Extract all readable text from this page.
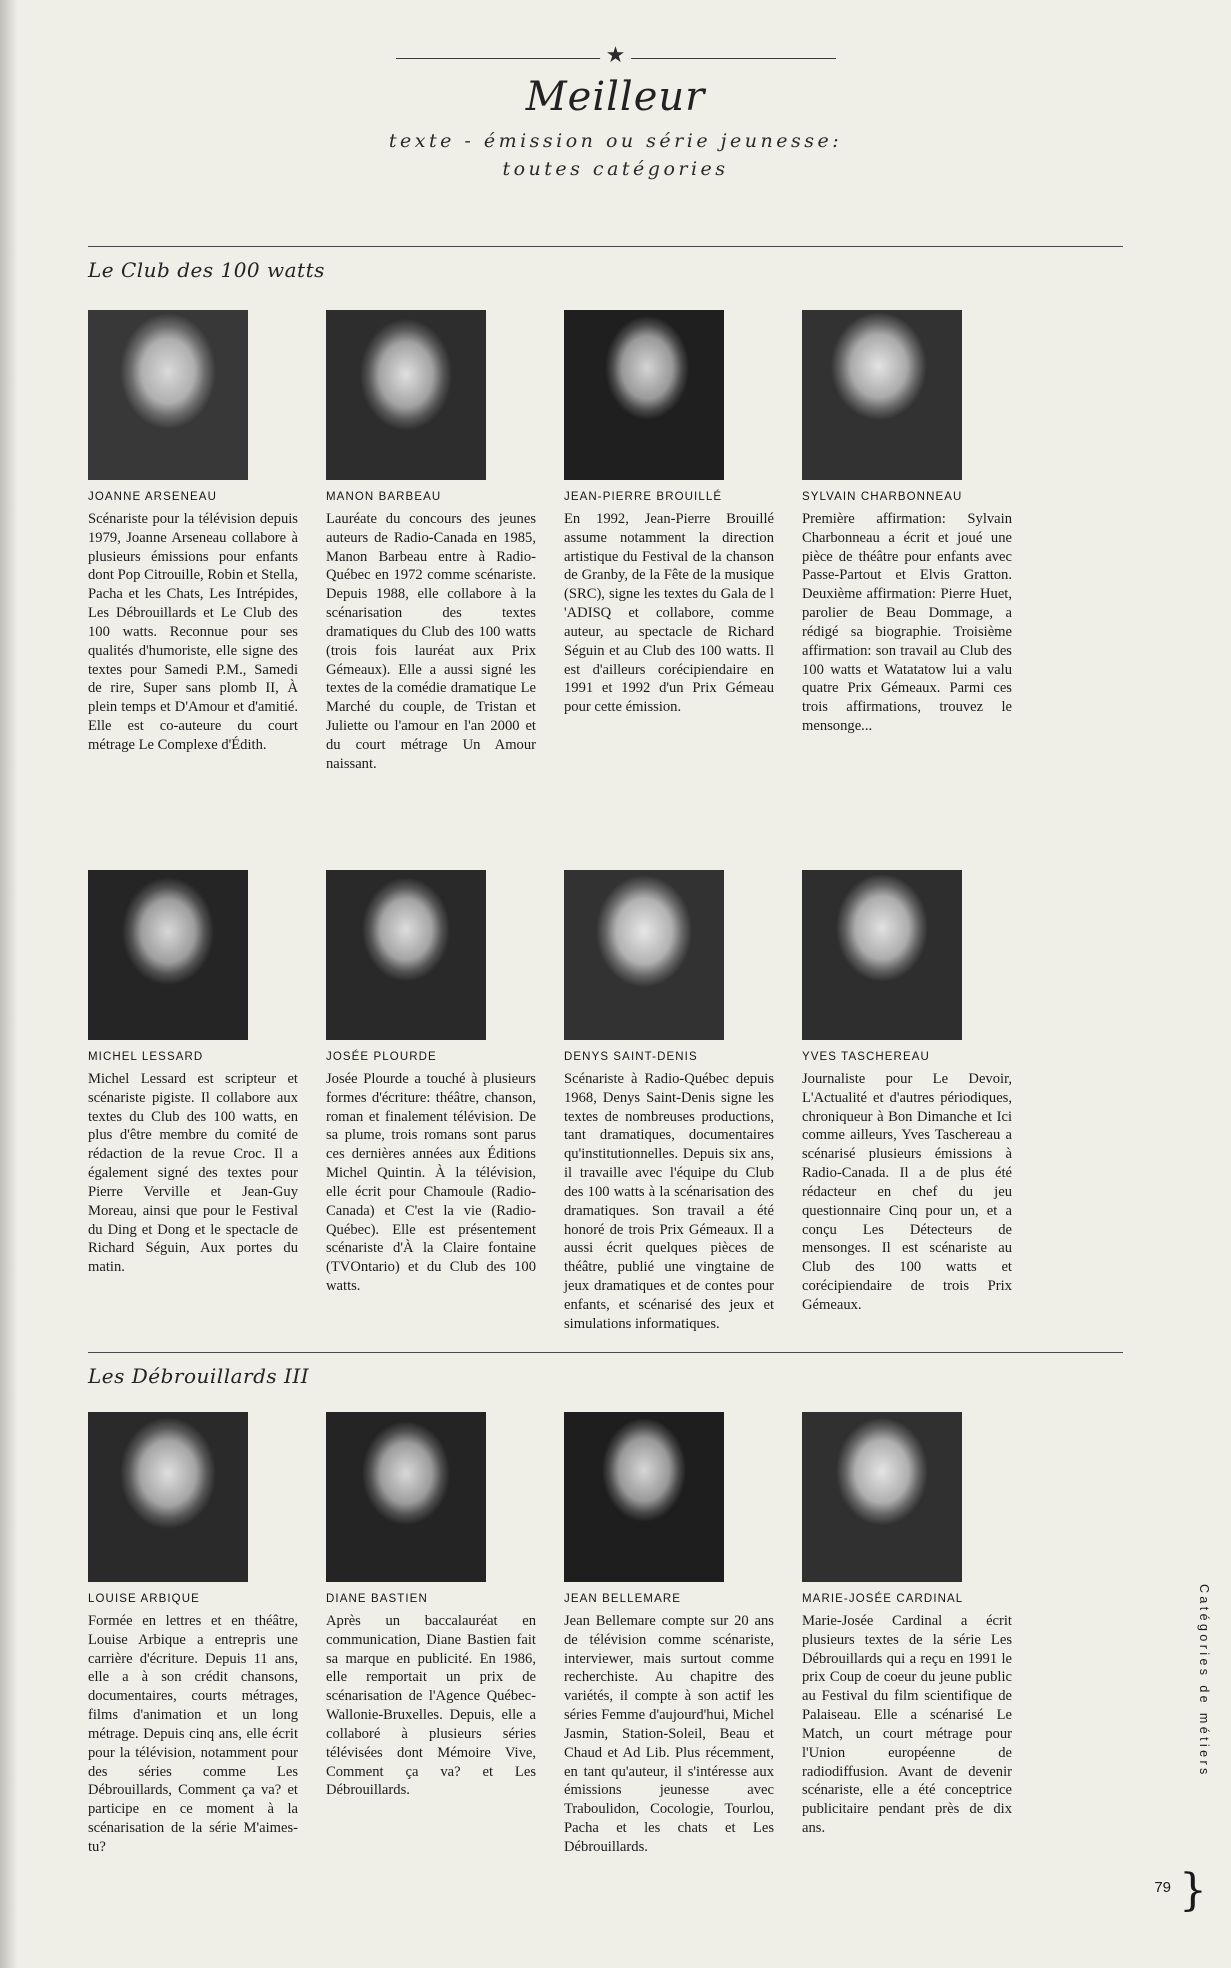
★
Meilleur
texte - émission ou série jeunesse:
toutes catégories
Le Club des 100 watts
JOANNE ARSENEAU
Scénariste pour la télévision depuis 1979, Joanne Arseneau collabore à plusieurs émissions pour enfants dont Pop Citrouille, Robin et Stella, Pacha et les Chats, Les Intrépides, Les Débrouillards et Le Club des 100 watts. Reconnue pour ses qualités d'humoriste, elle signe des textes pour Samedi P.M., Samedi de rire, Super sans plomb II, À plein temps et D'Amour et d'amitié. Elle est co-auteure du court métrage Le Complexe d'Édith.
MANON BARBEAU
Lauréate du concours des jeunes auteurs de Radio-Canada en 1985, Manon Barbeau entre à Radio-Québec en 1972 comme scénariste. Depuis 1988, elle collabore à la scénarisation des textes dramatiques du Club des 100 watts (trois fois lauréat aux Prix Gémeaux). Elle a aussi signé les textes de la comédie dramatique Le Marché du couple, de Tristan et Juliette ou l'amour en l'an 2000 et du court métrage Un Amour naissant.
JEAN-PIERRE BROUILLÉ
En 1992, Jean-Pierre Brouillé assume notamment la direction artistique du Festival de la chanson de Granby, de la Fête de la musique (SRC), signe les textes du Gala de l 'ADISQ et collabore, comme auteur, au spectacle de Richard Séguin et au Club des 100 watts. Il est d'ailleurs corécipiendaire en 1991 et 1992 d'un Prix Gémeau pour cette émission.
SYLVAIN CHARBONNEAU
Première affirmation: Sylvain Charbonneau a écrit et joué une pièce de théâtre pour enfants avec Passe-Partout et Elvis Gratton. Deuxième affirmation: Pierre Huet, parolier de Beau Dommage, a rédigé sa biographie. Troisième affirmation: son travail au Club des 100 watts et Watatatow lui a valu quatre Prix Gémeaux. Parmi ces trois affirmations, trouvez le mensonge...
MICHEL LESSARD
Michel Lessard est scripteur et scénariste pigiste. Il collabore aux textes du Club des 100 watts, en plus d'être membre du comité de rédaction de la revue Croc. Il a également signé des textes pour Pierre Verville et Jean-Guy Moreau, ainsi que pour le Festival du Ding et Dong et le spectacle de Richard Séguin, Aux portes du matin.
JOSÉE PLOURDE
Josée Plourde a touché à plusieurs formes d'écriture: théâtre, chanson, roman et finalement télévision. De sa plume, trois romans sont parus ces dernières années aux Éditions Michel Quintin. À la télévision, elle écrit pour Chamoule (Radio-Canada) et C'est la vie (Radio-Québec). Elle est présentement scénariste d'À la Claire fontaine (TVOntario) et du Club des 100 watts.
DENYS SAINT-DENIS
Scénariste à Radio-Québec depuis 1968, Denys Saint-Denis signe les textes de nombreuses productions, tant dramatiques, documentaires qu'institutionnelles. Depuis six ans, il travaille avec l'équipe du Club des 100 watts à la scénarisation des dramatiques. Son travail a été honoré de trois Prix Gémeaux. Il a aussi écrit quelques pièces de théâtre, publié une vingtaine de jeux dramatiques et de contes pour enfants, et scénarisé des jeux et simulations informatiques.
YVES TASCHEREAU
Journaliste pour Le Devoir, L'Actualité et d'autres périodiques, chroniqueur à Bon Dimanche et Ici comme ailleurs, Yves Taschereau a scénarisé plusieurs émissions à Radio-Canada. Il a de plus été rédacteur en chef du jeu questionnaire Cinq pour un, et a conçu Les Détecteurs de mensonges. Il est scénariste au Club des 100 watts et corécipiendaire de trois Prix Gémeaux.
Les Débrouillards III
LOUISE ARBIQUE
Formée en lettres et en théâtre, Louise Arbique a entrepris une carrière d'écriture. Depuis 11 ans, elle a à son crédit chansons, documentaires, courts métrages, films d'animation et un long métrage. Depuis cinq ans, elle écrit pour la télévision, notamment pour des séries comme Les Débrouillards, Comment ça va? et participe en ce moment à la scénarisation de la série M'aimes-tu?
DIANE BASTIEN
Après un baccalauréat en communication, Diane Bastien fait sa marque en publicité. En 1986, elle remportait un prix de scénarisation de l'Agence Québec-Wallonie-Bruxelles. Depuis, elle a collaboré à plusieurs séries télévisées dont Mémoire Vive, Comment ça va? et Les Débrouillards.
JEAN BELLEMARE
Jean Bellemare compte sur 20 ans de télévision comme scénariste, interviewer, mais surtout comme recherchiste. Au chapitre des variétés, il compte à son actif les séries Femme d'aujourd'hui, Michel Jasmin, Station-Soleil, Beau et Chaud et Ad Lib. Plus récemment, en tant qu'auteur, il s'intéresse aux émissions jeunesse avec Traboulidon, Cocologie, Tourlou, Pacha et les chats et Les Débrouillards.
MARIE-JOSÉE CARDINAL
Marie-Josée Cardinal a écrit plusieurs textes de la série Les Débrouillards qui a reçu en 1991 le prix Coup de coeur du jeune public au Festival du film scientifique de Palaiseau. Elle a scénarisé Le Match, un court métrage pour l'Union européenne de radiodiffusion. Avant de devenir scénariste, elle a été conceptrice publicitaire pendant près de dix ans.
Catégories de métiers
79 }
